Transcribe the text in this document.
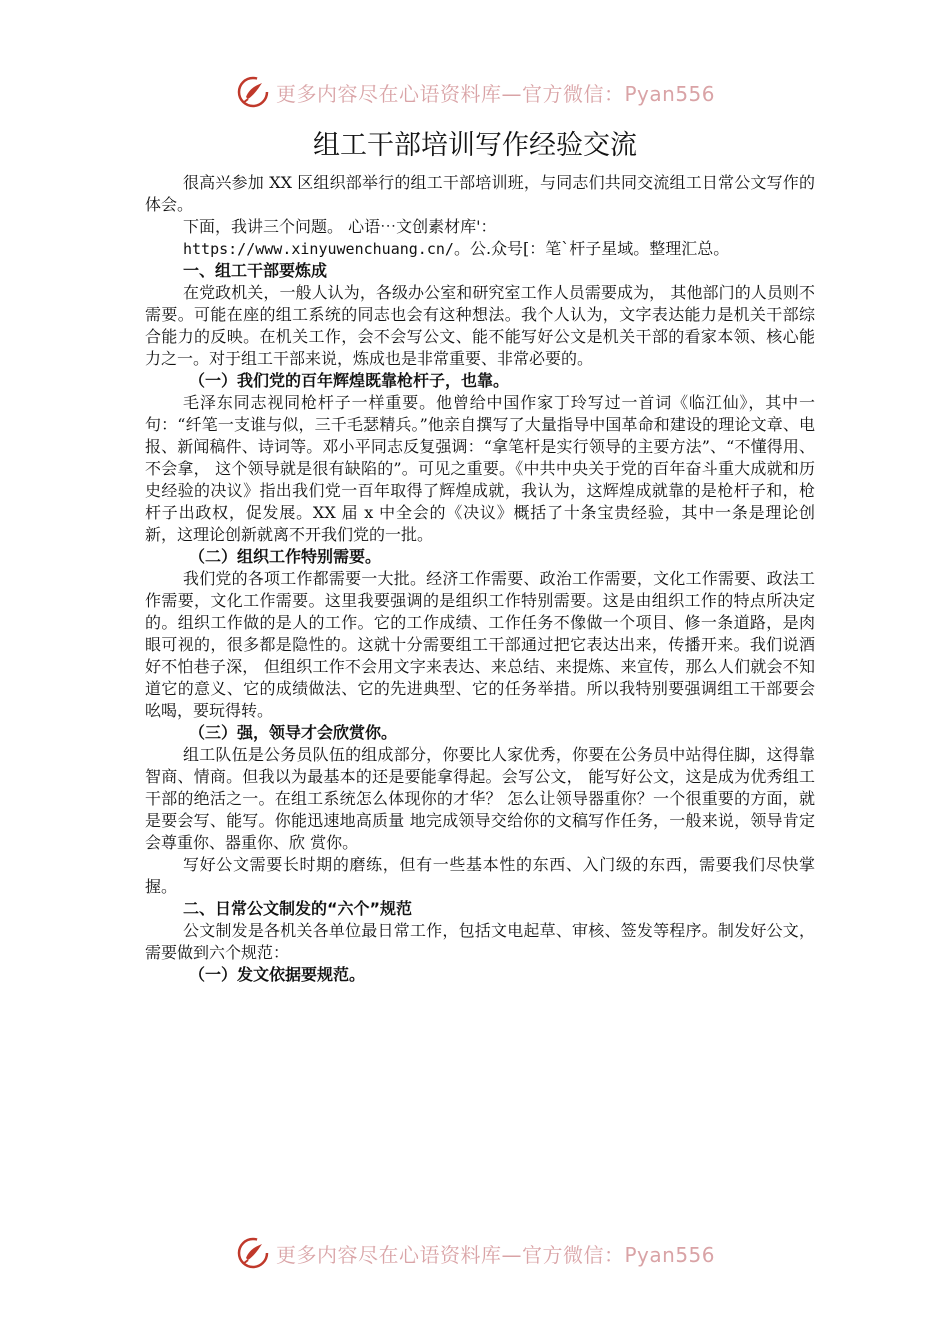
更多内容尽在心语资料库—官方微信：Pyan556
组工干部培训写作经验交流

很高兴参加 XX 区组织部举行的组工干部培训班，与同志们共同交流组工日常公文写作的体会。

下面，我讲三个问题。 心语⋯文创素材库'：

https://www.xinyuwenchuang.cn/。公.众号[：笔`杆子星域。整理汇总。

一、组工干部要炼成

在党政机关，一般人认为，各级办公室和研究室工作人员需要成为， 其他部门的人员则不需要。可能在座的组工系统的同志也会有这种想法。我个人认为，文字表达能力是机关干部综合能力的反映。在机关工作，会不会写公文、能不能写好公文是机关干部的看家本领、核心能力之一。对于组工干部来说，炼成也是非常重要、非常必要的。

（一）我们党的百年辉煌既靠枪杆子，也靠。

毛泽东同志视同枪杆子一样重要。他曾给中国作家丁玲写过一首词《临江仙》，其中一句：“纤笔一支谁与似，三千毛瑟精兵。”他亲自撰写了大量指导中国革命和建设的理论文章、电报、新闻稿件、诗词等。邓小平同志反复强调：“拿笔杆是实行领导的主要方法”、“不懂得用、不会拿， 这个领导就是很有缺陷的”。可见之重要。《中共中央关于党的百年奋斗重大成就和历史经验的决议》指出我们党一百年取得了辉煌成就，我认为，这辉煌成就靠的是枪杆子和，枪杆子出政权，促发展。XX 届 x 中全会的《决议》概括了十条宝贵经验，其中一条是理论创新，这理论创新就离不开我们党的一批。

（二）组织工作特别需要。

我们党的各项工作都需要一大批。经济工作需要、政治工作需要，文化工作需要、政法工作需要，文化工作需要。这里我要强调的是组织工作特别需要。这是由组织工作的特点所决定的。组织工作做的是人的工作。它的工作成绩、工作任务不像做一个项目、修一条道路，是肉眼可视的，很多都是隐性的。这就十分需要组工干部通过把它表达出来，传播开来。我们说酒好不怕巷子深， 但组织工作不会用文字来表达、来总结、来提炼、来宣传，那么人们就会不知道它的意义、它的成绩做法、它的先进典型、它的任务举措。所以我特别要强调组工干部要会吆喝，要玩得转。

（三）强，领导才会欣赏你。

组工队伍是公务员队伍的组成部分，你要比人家优秀，你要在公务员中站得住脚，这得靠智商、情商。但我以为最基本的还是要能拿得起。会写公文， 能写好公文，这是成为优秀组工干部的绝活之一。在组工系统怎么体现你的才华？ 怎么让领导器重你？一个很重要的方面，就是要会写、能写。你能迅速地高质量 地完成领导交给你的文稿写作任务，一般来说，领导肯定会尊重你、器重你、欣 赏你。

写好公文需要长时期的磨练，但有一些基本性的东西、入门级的东西，需要我们尽快掌握。

二、日常公文制发的“六个”规范

公文制发是各机关各单位最日常工作，包括文电起草、审核、签发等程序。制发好公文，需要做到六个规范：

（一）发文依据要规范。

更多内容尽在心语资料库—官方微信：Pyan556
